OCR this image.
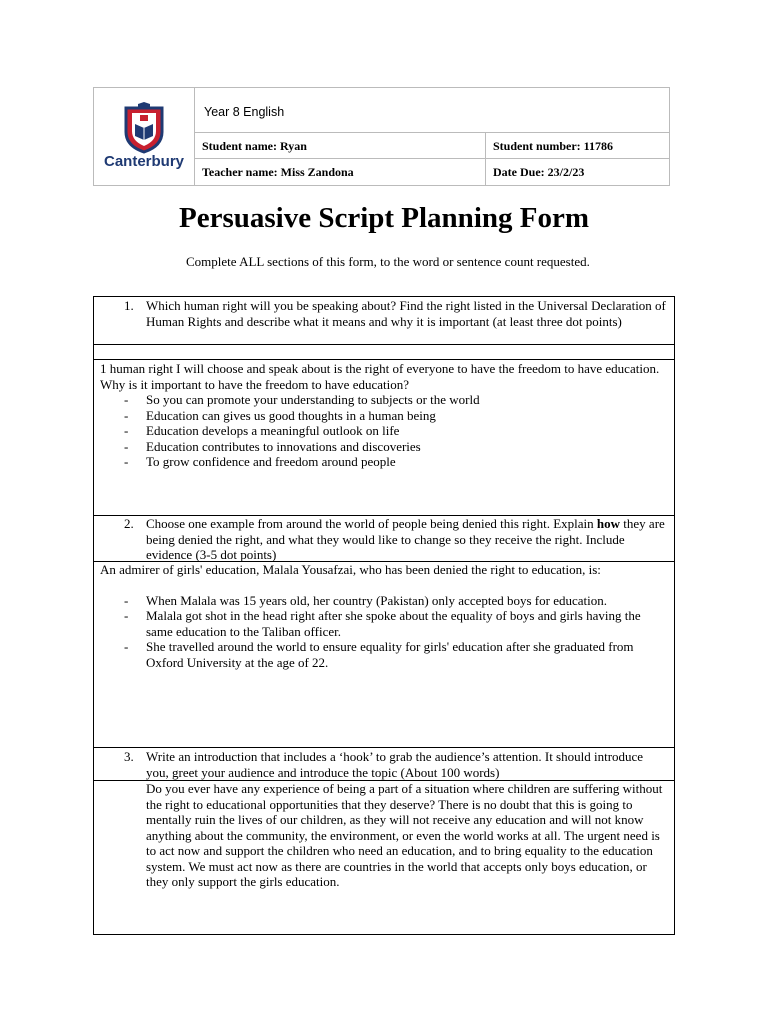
Canterbury
Year 8 English
Student name: Ryan	Student number: 11786
Teacher name: Miss Zandona	Date Due: 23/2/23
Persuasive Script Planning Form
Complete ALL sections of this form, to the word or sentence count requested.
1. Which human right will you be speaking about? Find the right listed in the Universal Declaration of Human Rights and describe what it means and why it is important (at least three dot points)
1 human right I will choose and speak about is the right of everyone to have the freedom to have education. Why is it important to have the freedom to have education?
- So you can promote your understanding to subjects or the world
- Education can gives us good thoughts in a human being
- Education develops a meaningful outlook on life
- Education contributes to innovations and discoveries
- To grow confidence and freedom around people
2. Choose one example from around the world of people being denied this right. Explain how they are being denied the right, and what they would like to change so they receive the right. Include evidence (3-5 dot points)
An admirer of girls' education, Malala Yousafzai, who has been denied the right to education, is:
- When Malala was 15 years old, her country (Pakistan) only accepted boys for education.
- Malala got shot in the head right after she spoke about the equality of boys and girls having the same education to the Taliban officer.
- She travelled around the world to ensure equality for girls' education after she graduated from Oxford University at the age of 22.
3. Write an introduction that includes a ‘hook’ to grab the audience’s attention. It should introduce you, greet your audience and introduce the topic (About 100 words)
Do you ever have any experience of being a part of a situation where children are suffering without the right to educational opportunities that they deserve? There is no doubt that this is going to mentally ruin the lives of our children, as they will not receive any education and will not know anything about the community, the environment, or even the world works at all. The urgent need is to act now and support the children who need an education, and to bring equality to the education system. We must act now as there are countries in the world that accepts only boys education, or they only support the girls education.
